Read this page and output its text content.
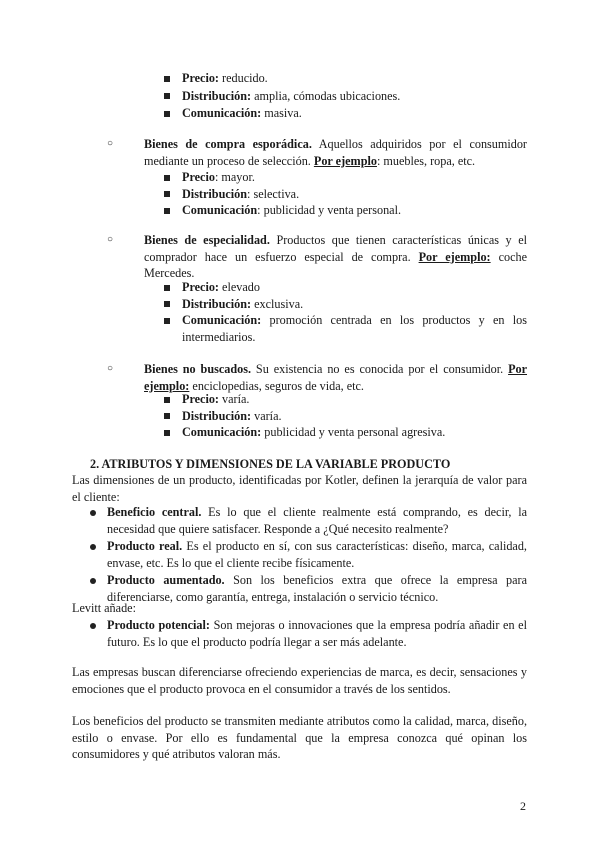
Precio: reducido.
Distribución: amplia, cómodas ubicaciones.
Comunicación: masiva.
○	Bienes de compra esporádica. Aquellos adquiridos por el consumidor mediante un proceso de selección. Por ejemplo: muebles, ropa, etc.

Precio: mayor.
Distribución: selectiva.
Comunicación: publicidad y venta personal.
○	Bienes de especialidad. Productos que tienen características únicas y el comprador hace un esfuerzo especial de compra. Por ejemplo: coche Mercedes.

Precio: elevado
Distribución: exclusiva.
Comunicación: promoción centrada en los productos y en los intermediarios.
○	Bienes no buscados. Su existencia no es conocida por el consumidor. Por ejemplo: enciclopedias, seguros de vida, etc.

Precio: varía.
Distribución: varía.
Comunicación: publicidad y venta personal agresiva.
2. ATRIBUTOS Y DIMENSIONES DE LA VARIABLE PRODUCTO

Las dimensiones de un producto, identificadas por Kotler, definen la jerarquía de valor para el cliente:

Beneficio central. Es lo que el cliente realmente está comprando, es decir, la necesidad que quiere satisfacer. Responde a ¿Qué necesito realmente?
Producto real. Es el producto en sí, con sus características: diseño, marca, calidad, envase, etc. Es lo que el cliente recibe físicamente.
Producto aumentado. Son los beneficios extra que ofrece la empresa para diferenciarse, como garantía, entrega, instalación o servicio técnico.

Levitt añade:

Producto potencial: Son mejoras o innovaciones que la empresa podría añadir en el futuro. Es lo que el producto podría llegar a ser más adelante.

Las empresas buscan diferenciarse ofreciendo experiencias de marca, es decir, sensaciones y emociones que el producto provoca en el consumidor a través de los sentidos.

Los beneficios del producto se transmiten mediante atributos como la calidad, marca, diseño, estilo o envase. Por ello es fundamental que la empresa conozca qué opinan los consumidores y qué atributos valoran más.

2
